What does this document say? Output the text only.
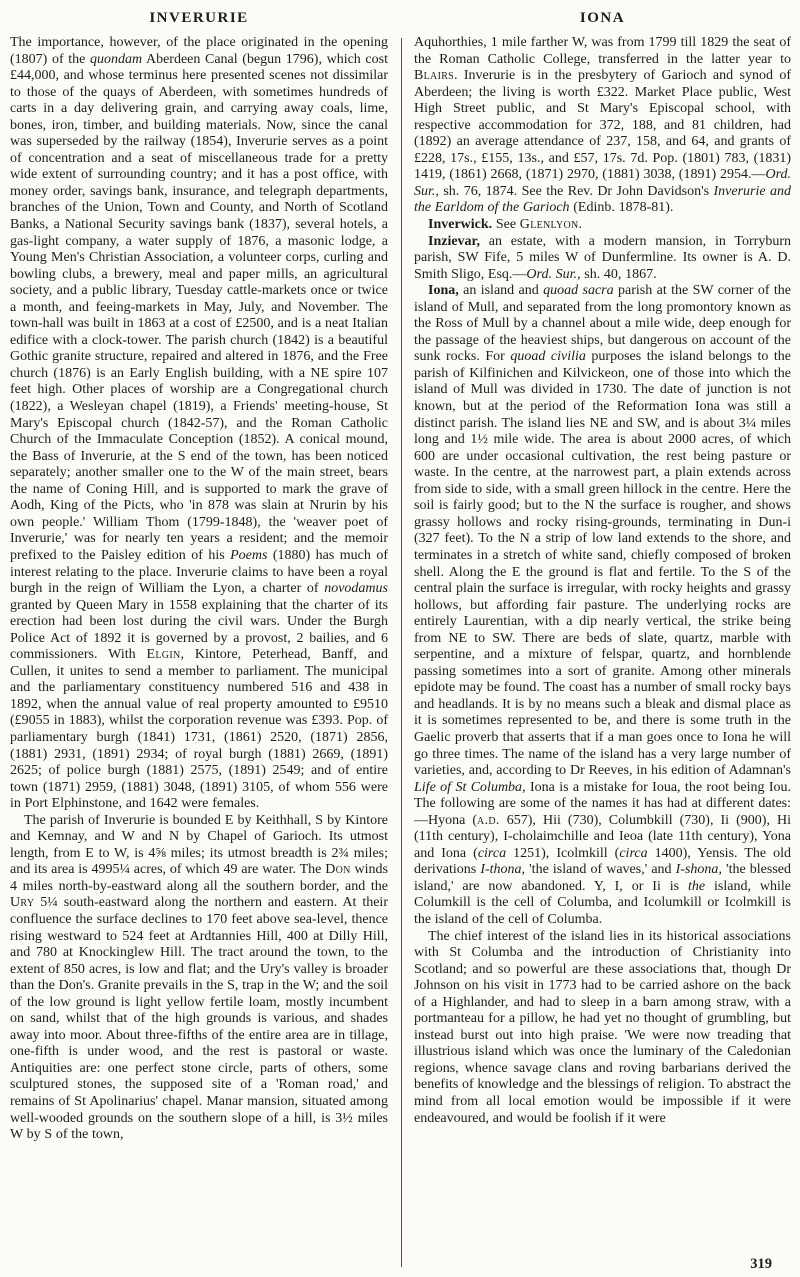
INVERURIE

The importance, however, of the place originated in the opening (1807) of the quondam Aberdeen Canal (begun 1796), which cost £44,000, and whose terminus here presented scenes not dissimilar to those of the quays of Aberdeen, with sometimes hundreds of carts in a day delivering grain, and carrying away coals, lime, bones, iron, timber, and building materials. Now, since the canal was superseded by the railway (1854), Inverurie serves as a point of concentration and a seat of miscellaneous trade for a pretty wide extent of surrounding country; and it has a post office, with money order, savings bank, insurance, and telegraph departments, branches of the Union, Town and County, and North of Scotland Banks, a National Security savings bank (1837), several hotels, a gas-light company, a water supply of 1876, a masonic lodge, a Young Men's Christian Association, a volunteer corps, curling and bowling clubs, a brewery, meal and paper mills, an agricultural society, and a public library, Tuesday cattle-markets once or twice a month, and feeing-markets in May, July, and November. The town-hall was built in 1863 at a cost of £2500, and is a neat Italian edifice with a clock-tower. The parish church (1842) is a beautiful Gothic granite structure, repaired and altered in 1876, and the Free church (1876) is an Early English building, with a NE spire 107 feet high. Other places of worship are a Congregational church (1822), a Wesleyan chapel (1819), a Friends' meeting-house, St Mary's Episcopal church (1842-57), and the Roman Catholic Church of the Immaculate Conception (1852). A conical mound, the Bass of Inverurie, at the S end of the town, has been noticed separately; another smaller one to the W of the main street, bears the name of Coning Hill, and is supported to mark the grave of Aodh, King of the Picts, who 'in 878 was slain at Nrurin by his own people.' William Thom (1799-1848), the 'weaver poet of Inverurie,' was for nearly ten years a resident; and the memoir prefixed to the Paisley edition of his Poems (1880) has much of interest relating to the place. Inverurie claims to have been a royal burgh in the reign of William the Lyon, a charter of novodamus granted by Queen Mary in 1558 explaining that the charter of its erection had been lost during the civil wars. Under the Burgh Police Act of 1892 it is governed by a provost, 2 bailies, and 6 commissioners. With Elgin, Kintore, Peterhead, Banff, and Cullen, it unites to send a member to parliament. The municipal and the parliamentary constituency numbered 516 and 438 in 1892, when the annual value of real property amounted to £9510 (£9055 in 1883), whilst the corporation revenue was £393. Pop. of parliamentary burgh (1841) 1731, (1861) 2520, (1871) 2856, (1881) 2931, (1891) 2934; of royal burgh (1881) 2669, (1891) 2625; of police burgh (1881) 2575, (1891) 2549; and of entire town (1871) 2959, (1881) 3048, (1891) 3105, of whom 556 were in Port Elphinstone, and 1642 were females.

The parish of Inverurie is bounded E by Keithhall, S by Kintore and Kemnay, and W and N by Chapel of Garioch. Its utmost length, from E to W, is 4⅝ miles; its utmost breadth is 2¾ miles; and its area is 4995¼ acres, of which 49 are water. The Don winds 4 miles north-by-eastward along all the southern border, and the Ury 5¼ south-eastward along the northern and eastern. At their confluence the surface declines to 170 feet above sea-level, thence rising westward to 524 feet at Ardtannies Hill, 400 at Dilly Hill, and 780 at Knockinglew Hill. The tract around the town, to the extent of 850 acres, is low and flat; and the Ury's valley is broader than the Don's. Granite prevails in the S, trap in the W; and the soil of the low ground is light yellow fertile loam, mostly incumbent on sand, whilst that of the high grounds is various, and shades away into moor. About three-fifths of the entire area are in tillage, one-fifth is under wood, and the rest is pastoral or waste. Antiquities are: one perfect stone circle, parts of others, some sculptured stones, the supposed site of a 'Roman road,' and remains of St Apolinarius' chapel. Manar mansion, situated among well-wooded grounds on the southern slope of a hill, is 3½ miles W by S of the town,

IONA

Aquhorthies, 1 mile farther W, was from 1799 till 1829 the seat of the Roman Catholic College, transferred in the latter year to Blairs. Inverurie is in the presbytery of Garioch and synod of Aberdeen; the living is worth £322. Market Place public, West High Street public, and St Mary's Episcopal school, with respective accommodation for 372, 188, and 81 children, had (1892) an average attendance of 237, 158, and 64, and grants of £228, 17s., £155, 13s., and £57, 17s. 7d. Pop. (1801) 783, (1831) 1419, (1861) 2668, (1871) 2970, (1881) 3038, (1891) 2954.—Ord. Sur., sh. 76, 1874. See the Rev. Dr John Davidson's Inverurie and the Earldom of the Garioch (Edinb. 1878-81).

Inverwick. See Glenlyon.

Inzievar, an estate, with a modern mansion, in Torryburn parish, SW Fife, 5 miles W of Dunfermline. Its owner is A. D. Smith Sligo, Esq.—Ord. Sur., sh. 40, 1867.

Iona, an island and quoad sacra parish at the SW corner of the island of Mull, and separated from the long promontory known as the Ross of Mull by a channel about a mile wide, deep enough for the passage of the heaviest ships, but dangerous on account of the sunk rocks. For quoad civilia purposes the island belongs to the parish of Kilfinichen and Kilvickeon, one of those into which the island of Mull was divided in 1730. The date of junction is not known, but at the period of the Reformation Iona was still a distinct parish. The island lies NE and SW, and is about 3¼ miles long and 1½ mile wide. The area is about 2000 acres, of which 600 are under occasional cultivation, the rest being pasture or waste. In the centre, at the narrowest part, a plain extends across from side to side, with a small green hillock in the centre. Here the soil is fairly good; but to the N the surface is rougher, and shows grassy hollows and rocky rising-grounds, terminating in Dun-i (327 feet). To the N a strip of low land extends to the shore, and terminates in a stretch of white sand, chiefly composed of broken shell. Along the E the ground is flat and fertile. To the S of the central plain the surface is irregular, with rocky heights and grassy hollows, but affording fair pasture. The underlying rocks are entirely Laurentian, with a dip nearly vertical, the strike being from NE to SW. There are beds of slate, quartz, marble with serpentine, and a mixture of felspar, quartz, and hornblende passing sometimes into a sort of granite. Among other minerals epidote may be found. The coast has a number of small rocky bays and headlands. It is by no means such a bleak and dismal place as it is sometimes represented to be, and there is some truth in the Gaelic proverb that asserts that if a man goes once to Iona he will go three times. The name of the island has a very large number of varieties, and, according to Dr Reeves, in his edition of Adamnan's Life of St Columba, Iona is a mistake for Ioua, the root being Iou. The following are some of the names it has had at different dates:—Hyona (a.d. 657), Hii (730), Columbkill (730), Ii (900), Hi (11th century), I-cholaimchille and Ieoa (late 11th century), Yona and Iona (circa 1251), Icolmkill (circa 1400), Yensis. The old derivations I-thona, 'the island of waves,' and I-shona, 'the blessed island,' are now abandoned. Y, I, or Ii is the island, while Columkill is the cell of Columba, and Icolumkill or Icolmkill is the island of the cell of Columba.

The chief interest of the island lies in its historical associations with St Columba and the introduction of Christianity into Scotland; and so powerful are these associations that, though Dr Johnson on his visit in 1773 had to be carried ashore on the back of a Highlander, and had to sleep in a barn among straw, with a portmanteau for a pillow, he had yet no thought of grumbling, but instead burst out into high praise. 'We were now treading that illustrious island which was once the luminary of the Caledonian regions, whence savage clans and roving barbarians derived the benefits of knowledge and the blessings of religion. To abstract the mind from all local emotion would be impossible if it were endeavoured, and would be foolish if it were

319
